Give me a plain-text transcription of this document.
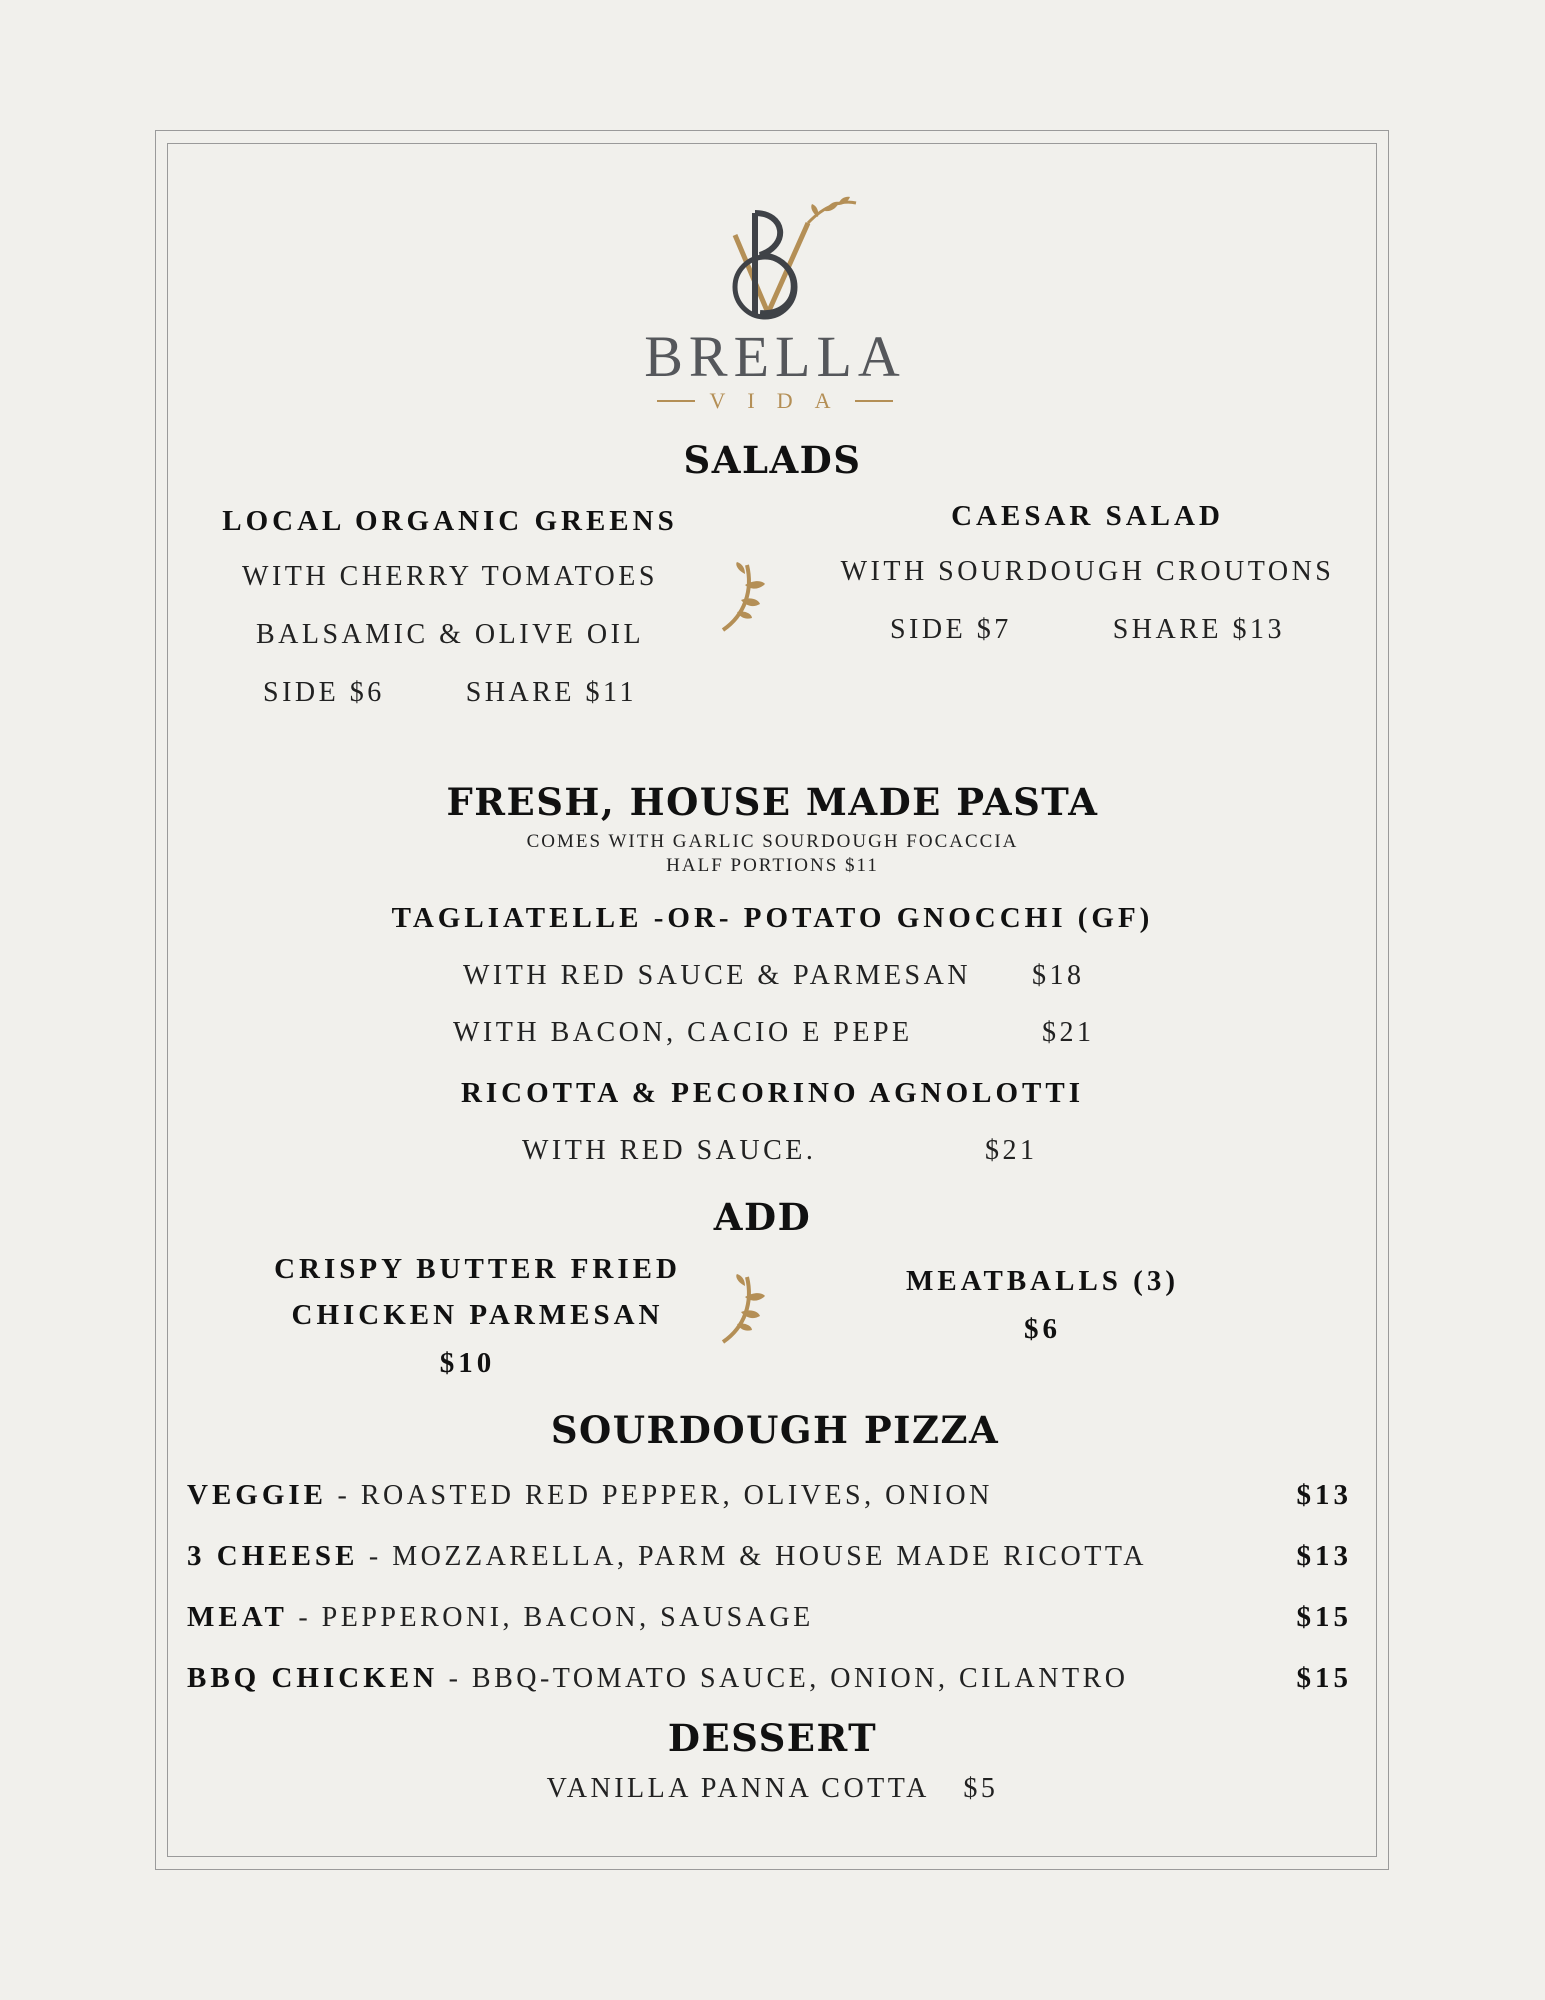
BRELLA
VIDA
SALADS
LOCAL ORGANIC GREENS
WITH CHERRY TOMATOES
BALSAMIC & OLIVE OIL
SIDE $6	SHARE $11
CAESAR SALAD
WITH SOURDOUGH CROUTONS
SIDE $7	SHARE $13
FRESH, HOUSE MADE PASTA
COMES WITH GARLIC SOURDOUGH FOCACCIA
HALF PORTIONS $11
TAGLIATELLE -OR- POTATO GNOCCHI (GF)
WITH RED SAUCE & PARMESAN $18
WITH BACON, CACIO E PEPE	$21
RICOTTA & PECORINO AGNOLOTTI
WITH RED SAUCE.	$21
ADD
CRISPY BUTTER FRIED
CHICKEN PARMESAN
$10
MEATBALLS (3)
$6
SOURDOUGH PIZZA
VEGGIE - ROASTED RED PEPPER, OLIVES, ONION	$13
3 CHEESE - MOZZARELLA, PARM & HOUSE MADE RICOTTA	$13
MEAT - PEPPERONI, BACON, SAUSAGE	$15
BBQ CHICKEN - BBQ-TOMATO SAUCE, ONION, CILANTRO	$15
DESSERT
VANILLA PANNA COTTA $5
